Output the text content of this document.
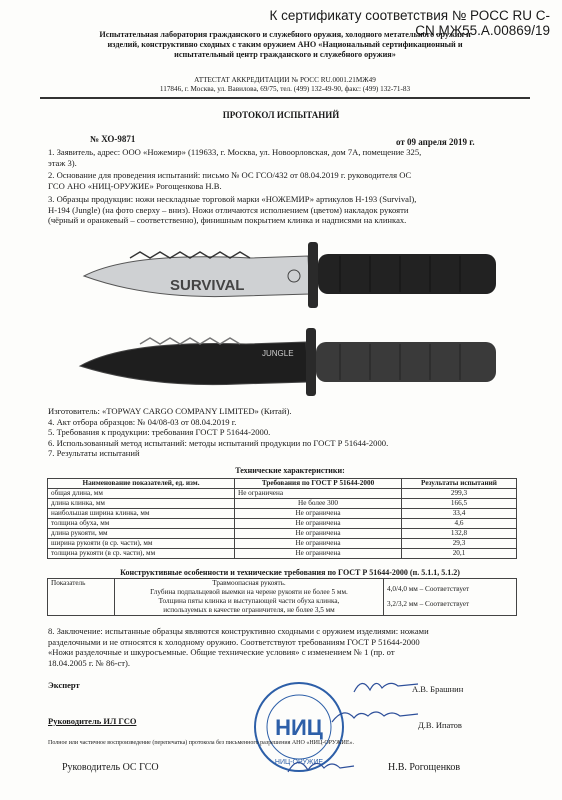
К сертификату соответствия № РОСС RU C-CN.МЖ55.А.00869/19
Испытательная лаборатория гражданского и служебного оружия, холодного метательного оружия и
изделий, конструктивно сходных с таким оружием АНО «Национальный сертификационный и
испытательный центр гражданского и служебного оружия»
АТТЕСТАТ АККРЕДИТАЦИИ № РОСС RU.0001.21МЖ49
117846, г. Москва, ул. Вавилова, 69/75, тел. (499) 132-49-90, факс: (499) 132-71-83
ПРОТОКОЛ ИСПЫТАНИЙ
№ ХО-9871	от 09 апреля 2019 г.
1. Заявитель, адрес: ООО «Ножемир» (119633, г. Москва, ул. Новоорловская, дом 7А, помещение 325,
этаж 3).
2. Основание для проведения испытаний: письмо № ОС ГСО/432 от 08.04.2019 г. руководителя ОС
ГСО АНО «НИЦ-ОРУЖИЕ» Рогощенкова Н.В.
3. Образцы продукции: ножи нескладные торговой марки «НОЖЕМИР» артикулов Н-193 (Survival),
Н-194 (Jungle) (на фото сверху – вниз). Ножи отличаются исполнением (цветом) накладок рукояти
(чёрный и оранжевый – соответственно), финишным покрытием клинка и надписями на клинках.
SURVIVAL
JUNGLE
Изготовитель: «TOPWAY CARGO COMPANY LIMITED» (Китай).
4. Акт отбора образцов: № 04/08-03 от 08.04.2019 г.
5. Требования к продукции: требования ГОСТ Р 51644-2000.
6. Использованный метод испытаний: методы испытаний продукции по ГОСТ Р 51644-2000.
7. Результаты испытаний
Технические характеристики:
Наименование показателей, ед. изм.	Требования по ГОСТ Р 51644-2000	Результаты испытаний
общая длина, мм	Не ограничена	299,3
длина клинка, мм	Не более 300	166,5
наибольшая ширина клинка, мм	Не ограничена	33,4
толщина обуха, мм	Не ограничена	4,6
длина рукояти, мм	Не ограничена	132,8
ширина рукояти (в ср. части), мм	Не ограничена	29,3
толщина рукояти (в ср. части), мм	Не ограничена	20,1
Конструктивные особенности и технические требования по ГОСТ Р 51644-2000 (п. 5.1.1, 5.1.2)
Показатель	Травмоопасная рукоять.
Глубина подпальцевой выемки на черене рукояти не более 5 мм.
Толщина пяты клинка и выступающей части обуха клинка,
используемых в качестве ограничителя, не более 3,5 мм

4,0/4,0 мм – Соответствует
3,2/3,2 мм – Соответствует
8. Заключение: испытанные образцы являются конструктивно сходными с оружием изделиями: ножами
разделочными и не относятся к холодному оружию. Соответствуют требованиям ГОСТ Р 51644-2000
«Ножи разделочные и шкуросъемные. Общие технические условия» с изменением № 1 (пр. от
18.04.2005 г. № 86-ст).
НИЦ
НИЦ-ОРУЖИЕ
Эксперт	А.В. Брашнин
Руководитель ИЛ ГСО	Д.В. Ипатов
Полное или частичное воспроизведение (перепечатка) протокола без письменного разрешения АНО «НИЦ-ОРУЖИЕ».
Руководитель ОС ГСО	Н.В. Рогощенков
